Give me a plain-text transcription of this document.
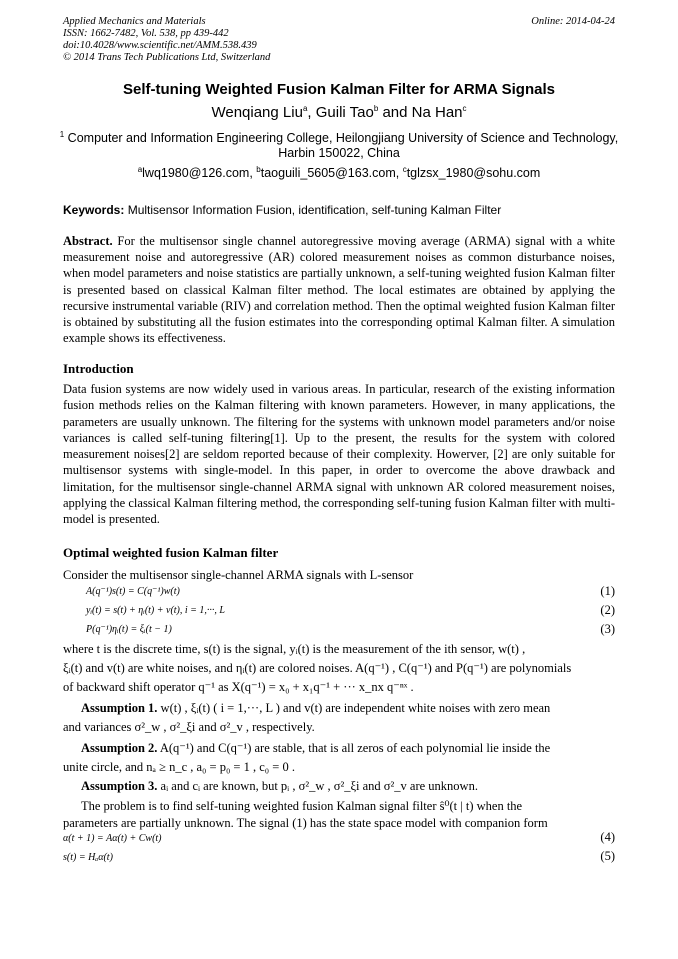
Applied Mechanics and Materials
ISSN: 1662-7482, Vol. 538, pp 439-442
doi:10.4028/www.scientific.net/AMM.538.439
© 2014 Trans Tech Publications Ltd, Switzerland
Online: 2014-04-24
Self-tuning Weighted Fusion Kalman Filter for ARMA Signals
Wenqiang Liu$^a$, Guili Tao$^b$ and Na Han$^c$
$^1$ Computer and Information Engineering College, Heilongjiang University of Science and Technology, Harbin 150022, China
$^a$lwq1980@126.com, $^b$taoguili_5605@163.com, $^c$tglzsx_1980@sohu.com
Keywords: Multisensor Information Fusion, identification, self-tuning Kalman Filter
Abstract. For the multisensor single channel autoregressive moving average (ARMA) signal with a white measurement noise and autoregressive (AR) colored measurement noises as common disturbance noises, when model parameters and noise statistics are partially unknown, a self-tuning weighted fusion Kalman filter is presented based on classical Kalman filter method. The local estimates are obtained by applying the recursive instrumental variable (RIV) and correlation method. Then the optimal weighted fusion Kalman filter is obtained by substituting all the fusion estimates into the corresponding optimal Kalman filter. A simulation example shows its effectiveness.
Introduction
Data fusion systems are now widely used in various areas. In particular, research of the existing information fusion methods relies on the Kalman filtering with known parameters. However, in many applications, the parameters are usually unknown. The filtering for the systems with unknown model parameters and/or noise variances is called self-tuning filtering[1]. Up to the present, the results for the system with colored measurement noises[2] are seldom reported because of their complexity. Howerver, [2] are only suitable for multisensor systems with single-model. In this paper, in order to overcome the above drawback and limitation, for the multisensor single-channel ARMA signal with unknown AR colored measurement noises, applying the classical Kalman filtering method, the corresponding self-tuning fusion Kalman filter with multi-model is presented.
Optimal weighted fusion Kalman filter
Consider the multisensor single-channel ARMA signals with L-sensor
A(q⁻¹)s(t) = C(q⁻¹)w(t)	(1)
yᵢ(t) = s(t) + ηᵢ(t) + v(t), i = 1,···, L	(2)
P(q⁻¹)ηᵢ(t) = ξᵢ(t − 1)	(3)
where t is the discrete time, s(t) is the signal, yᵢ(t) is the measurement of the ith sensor, w(t) ,
ξᵢ(t) and v(t) are white noises, and ηᵢ(t) are colored noises. A(q⁻¹) , C(q⁻¹) and P(q⁻¹) are polynomials
of backward shift operator q⁻¹ as X(q⁻¹) = x₀ + x₁q⁻¹ + ··· x_nx q⁻ⁿˣ .
Assumption 1. w(t) , ξᵢ(t) ( i = 1,···, L ) and v(t) are independent white noises with zero mean
and variances σ²_w , σ²_ξi and σ²_v , respectively.
Assumption 2. A(q⁻¹) and C(q⁻¹) are stable, that is all zeros of each polynomial lie inside the
unite circle, and nₐ ≥ n_c , a₀ = p₀ = 1 , c₀ = 0 .
Assumption 3. aᵢ and cᵢ are known, but pᵢ , σ²_w , σ²_ξi and σ²_v are unknown.
The problem is to find self-tuning weighted fusion Kalman signal filter ŝ⁰(t | t) when the
parameters are partially unknown. The signal (1) has the state space model with companion form
α(t + 1) = Aα(t) + Cw(t)	(4)
s(t) = Hₐα(t)	(5)
